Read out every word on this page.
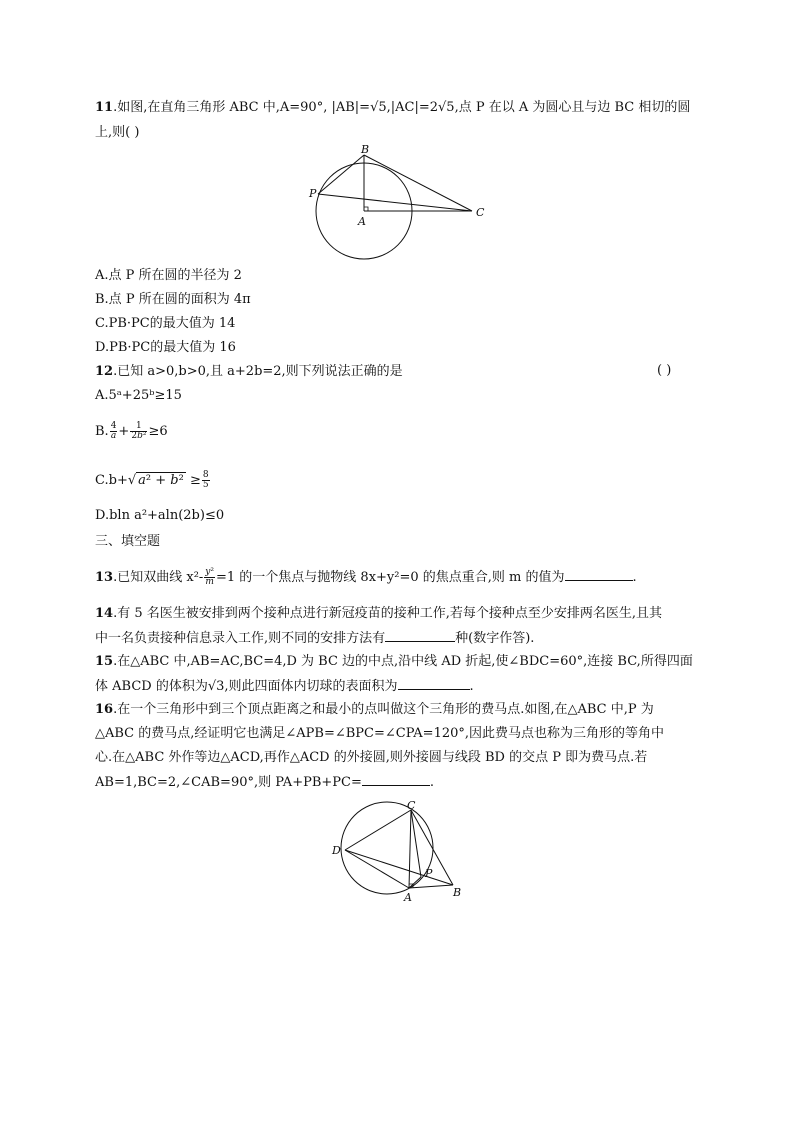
11.如图,在直角三角形 ABC 中,A=90°, |AB|=√5,|AC|=2√5,点 P 在以 A 为圆心且与边 BC 相切的圆
上,则( )
B
P
A
C
A.点 P 所在圆的半径为 2
B.点 P 所在圆的面积为 4π
C.PB·PC的最大值为 14
D.PB·PC的最大值为 16
12.已知 a>0,b>0,且 a+2b=2,则下列说法正确的是	( )
A.5ᵃ+25ᵇ≥15
B. $\frac{4}{a} + \frac{1}{\text{2b²}} \ge 6$
C.b+√ $a^2 + b^2 \ge \frac{8}{5}$
D.bln a²+aln(2b)≤0
三、填空题
13.已知双曲线 $x^2- \frac{\text{y²}}{m} =1$ 的一个焦点与抛物线 8x+y²=0 的焦点重合,则 m 的值为	.
14.有 5 名医生被安排到两个接种点进行新冠疫苗的接种工作,若每个接种点至少安排两名医生,且其
中一名负责接种信息录入工作,则不同的安排方法有	种(数字作答).
15.在△ABC 中,AB=AC,BC=4,D 为 BC 边的中点,沿中线 AD 折起,使∠BDC=60°,连接 BC,所得四面
体 ABCD 的体积为√3,则此四面体内切球的表面积为	.
16.在一个三角形中到三个顶点距离之和最小的点叫做这个三角形的费马点.如图,在△ABC 中,P 为
△ABC 的费马点,经证明它也满足∠APB=∠BPC=∠CPA=120°,因此费马点也称为三角形的等角中
心.在△ABC 外作等边△ACD,再作△ACD 的外接圆,则外接圆与线段 BD 的交点 P 即为费马点.若
AB=1,BC=2,∠CAB=90°,则 PA+PB+PC=	.
C
D
P
A	B
